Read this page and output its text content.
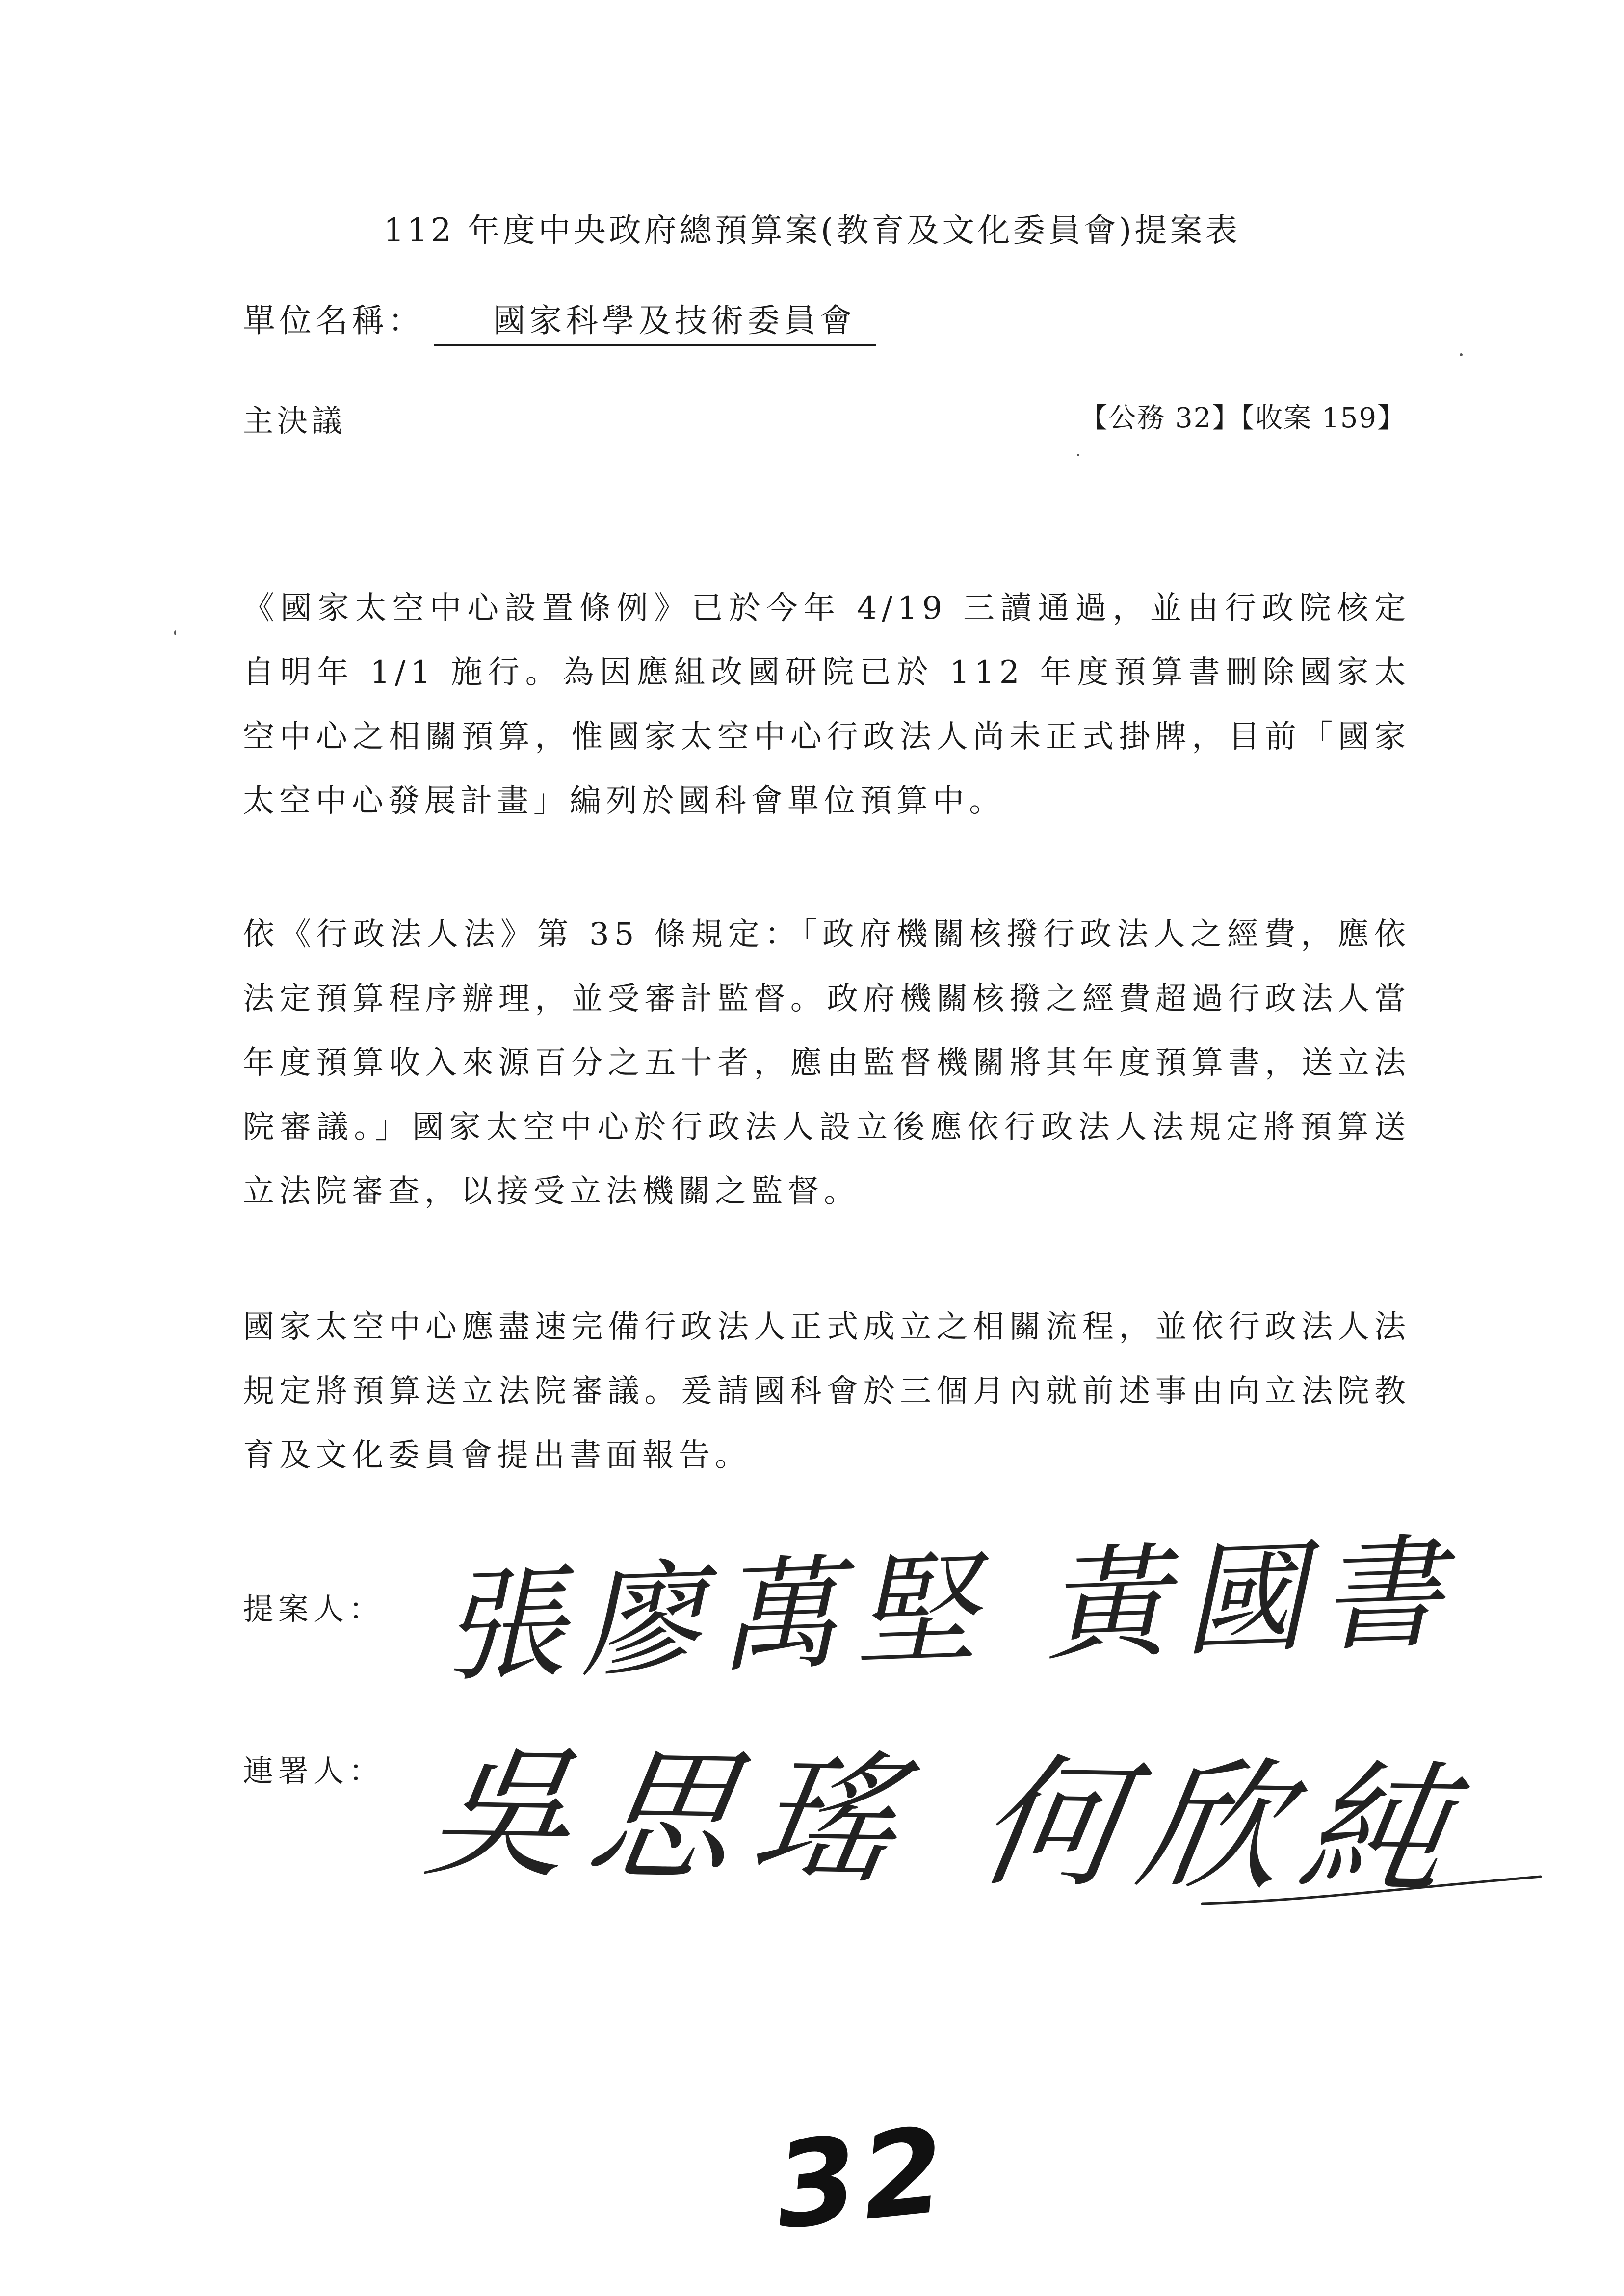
112 年度中央政府總預算案(教育及文化委員會)提案表
單位名稱： 國家科學及技術委員會
主決議	【公務 32】【收案 159】

《國家太空中心設置條例》已於今年 4/19 三讀通過，並由行政院核定自明年 1/1 施行。為因應組改國研院已於 112 年度預算書刪除國家太空中心之相關預算，惟國家太空中心行政法人尚未正式掛牌，目前「國家太空中心發展計畫」編列於國科會單位預算中。

依《行政法人法》第 35 條規定：「政府機關核撥行政法人之經費，應依法定預算程序辦理，並受審計監督。政府機關核撥之經費超過行政法人當年度預算收入來源百分之五十者，應由監督機關將其年度預算書，送立法院審議。」國家太空中心於行政法人設立後應依行政法人法規定將預算送立法院審查，以接受立法機關之監督。

國家太空中心應盡速完備行政法人正式成立之相關流程，並依行政法人法規定將預算送立法院審議。爰請國科會於三個月內就前述事由向立法院教育及文化委員會提出書面報告。

提案人： 張廖萬堅 黃國書
連署人： 吳思瑤 何欣純
32
